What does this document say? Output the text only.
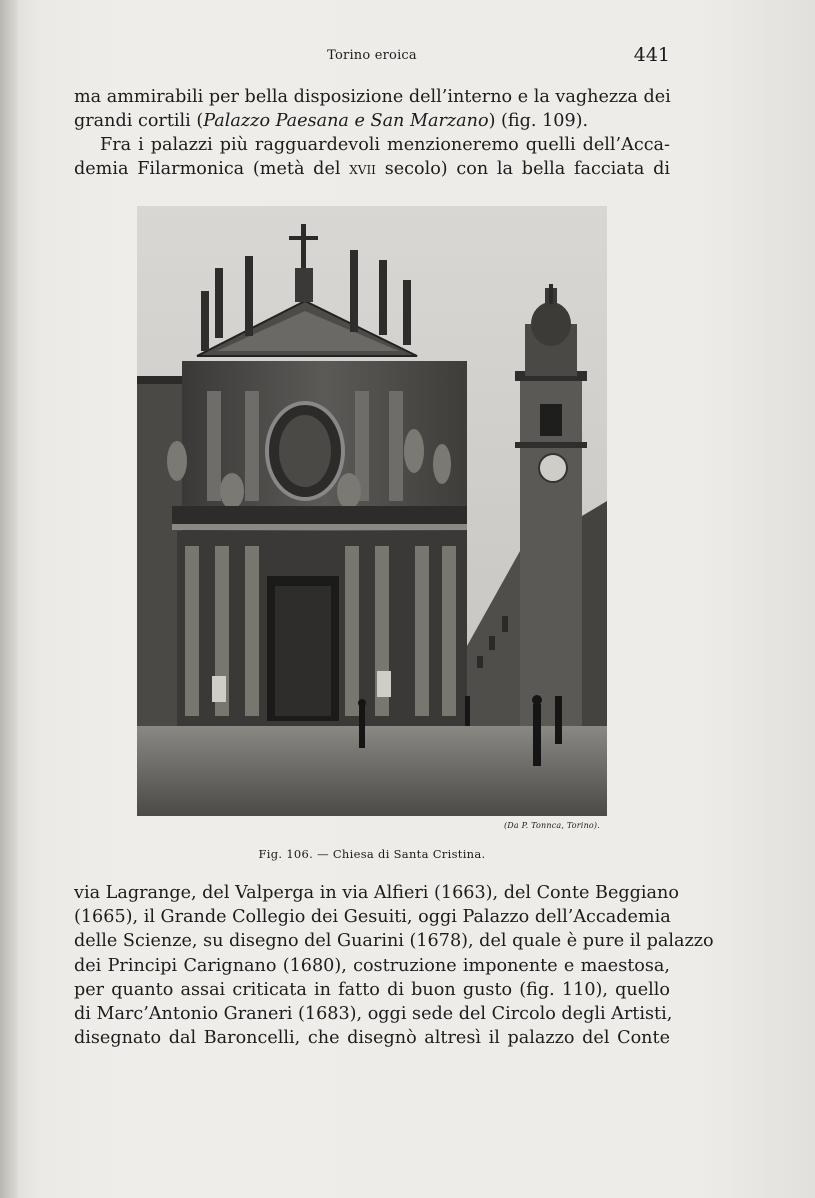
Torino eroica	441
ma ammirabili per bella disposizione dell’interno e la vaghezza dei
grandi cortili (Palazzo Paesana e San Marzano) (fig. 109).
Fra i palazzi più ragguardevoli menzioneremo quelli dell’Acca-
demia Filarmonica (metà del xvii secolo) con la bella facciata di
(Da P. Tonnca, Torino).
Fig. 106. — Chiesa di Santa Cristina.
via Lagrange, del Valperga in via Alfieri (1663), del Conte Beggiano
(1665), il Grande Collegio dei Gesuiti, oggi Palazzo dell’Accademia
delle Scienze, su disegno del Guarini (1678), del quale è pure il palazzo
dei Principi Carignano (1680), costruzione imponente e maestosa,
per quanto assai criticata in fatto di buon gusto (fig. 110), quello
di Marc’Antonio Graneri (1683), oggi sede del Circolo degli Artisti,
disegnato dal Baroncelli, che disegnò altresì il palazzo del Conte
